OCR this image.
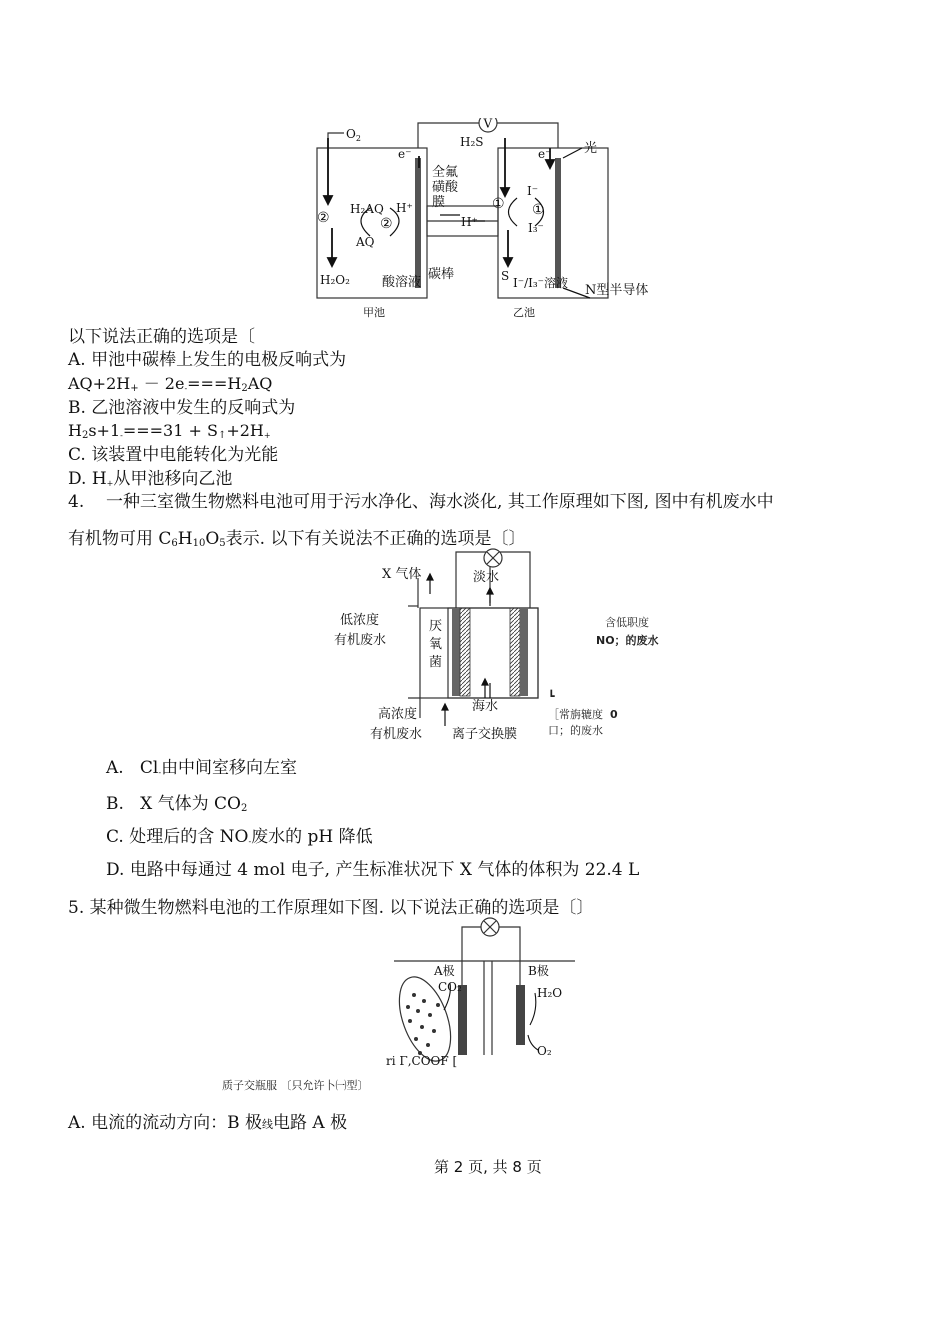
V
$O_2$
e⁻	e⁻
全氟
磺酸
膜
H₂AQ
AQ
H⁺
H⁺
②	②
① ①
H₂O₂ 酸溶液
碳棒
H₂S	光
I⁻
I₃⁻
S I⁻/I₃⁻溶液 N型半导体
甲池	乙池
以下说法正确的选项是〔
A. 甲池中碳棒上发生的电极反响式为
$AQ+2H_+ - 2e_-===H_2AQ$
B. 乙池溶液中发生的反响式为
$H_2s+1_-===31 + S_↑+2H_+$
C. 该装置中电能转化为光能
D. $H_+$从甲池移向乙池
4. 一种三室微生物燃料电池可用于污水净化、海水淡化, 其工作原理如下图, 图中有机废水中
有机物可用 $C_6H_{10}O_5$表示. 以下有关说法不正确的选项是〔〕
X 气体	淡水
低浓度
有机废水
厌
氧
菌
海水
高浓度
有机废水 离子交换膜
含低职度
NO；的废水
┗
［常旃辘度 0
口；的废水
A. $Cl_-$由中间室移向左室
B. X 气体为 $CO_2$
C. 处理后的含 $NO_-$废水的 pH 降低
D. 电路中每通过 4 mol 电子, 产生标准状况下 X 气体的体积为 22.4 L
5. 某种微生物燃料电池的工作原理如下图. 以下说法正确的选项是〔〕
A极
CO₂
B极
H₂O
O₂
ri Γ,COOF [
质子交瓶服 〔只允许卜㈠型〕
A. 电流的流动方向：B 极线电路 A 极
第 2 页, 共 8 页
